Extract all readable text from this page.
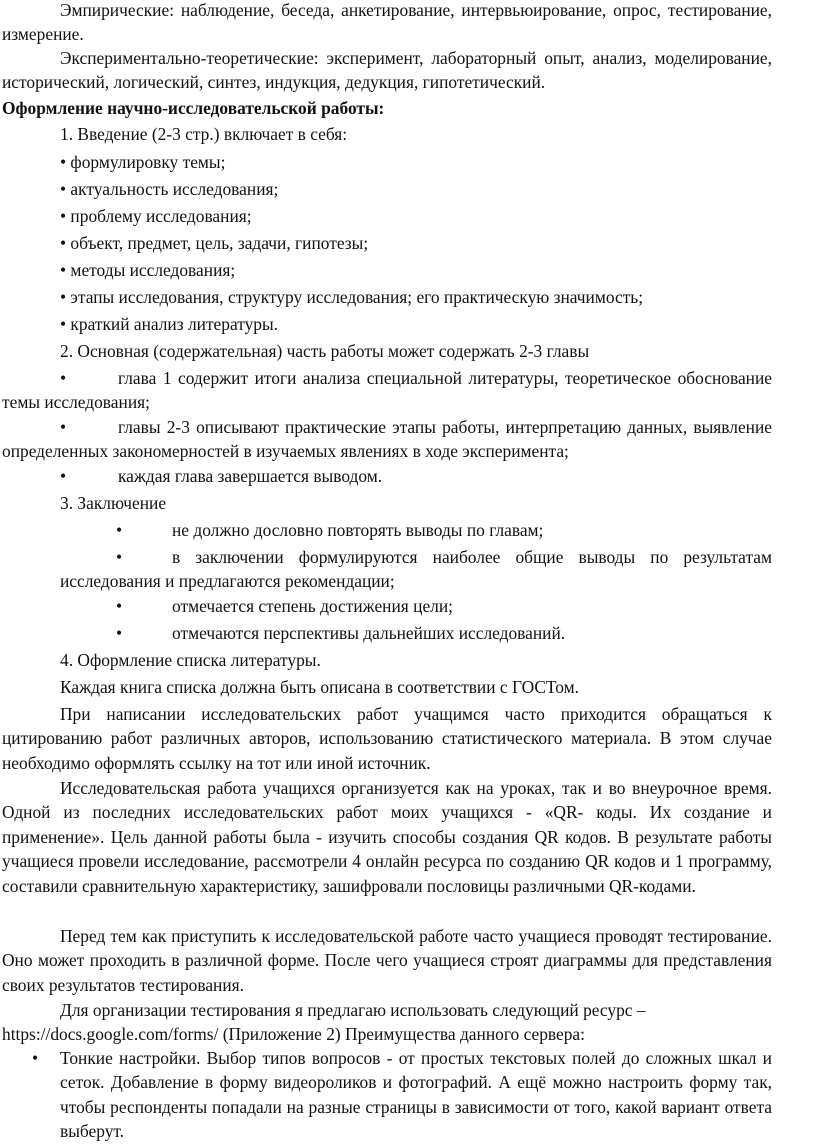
Эмпирические: наблюдение, беседа, анкетирование, интервьюирование, опрос, тестирование, измерение.

Экспериментально-теоретические: эксперимент, лабораторный опыт, анализ, моделирование, исторический, логический, синтез, индукция, дедукция, гипотетический.

Оформление научно-исследовательской работы:

1. Введение (2-3 стр.) включает в себя:

• формулировку темы;

• актуальность исследования;

• проблему исследования;

• объект, предмет, цель, задачи, гипотезы;

• методы исследования;

• этапы исследования, структуру исследования; его практическую значимость;

• краткий анализ литературы.

2. Основная (содержательная) часть работы может содержать 2-3 главы

•	глава 1 содержит итоги анализа специальной литературы, теоретическое обоснование темы исследования;

•	главы 2-3 описывают практические этапы работы, интерпретацию данных, выявление определенных закономерностей в изучаемых явлениях в ходе эксперимента;

•	каждая глава завершается выводом.

3. Заключение

•	не должно дословно повторять выводы по главам;

•	в заключении формулируются наиболее общие выводы по результатам исследования и предлагаются рекомендации;

•	отмечается степень достижения цели;

•	отмечаются перспективы дальнейших исследований.

4. Оформление списка литературы.

Каждая книга списка должна быть описана в соответствии с ГОСТом.

При написании исследовательских работ учащимся часто приходится обращаться к цитированию работ различных авторов, использованию статистического материала. В этом случае необходимо оформлять ссылку на тот или иной источник.

Исследовательская работа учащихся организуется как на уроках, так и во внеурочное время. Одной из последних исследовательских работ моих учащихся - «QR- коды. Их создание и применение». Цель данной работы была - изучить способы создания QR кодов. В результате работы учащиеся провели исследование, рассмотрели 4 онлайн ресурса по созданию QR кодов и 1 программу, составили сравнительную характеристику, зашифровали пословицы различными QR-кодами.

Перед тем как приступить к исследовательской работе часто учащиеся проводят тестирование. Оно может проходить в различной форме. После чего учащиеся строят диаграммы для представления своих результатов тестирования.

Для организации тестирования я предлагаю использовать следующий ресурс –

https://docs.google.com/forms/ (Приложение 2) Преимущества данного сервера:

• Тонкие настройки. Выбор типов вопросов - от простых текстовых полей до сложных шкал и сеток. Добавление в форму видеороликов и фотографий. А ещё можно настроить форму так, чтобы респонденты попадали на разные страницы в зависимости от того, какой вариант ответа выберут.
